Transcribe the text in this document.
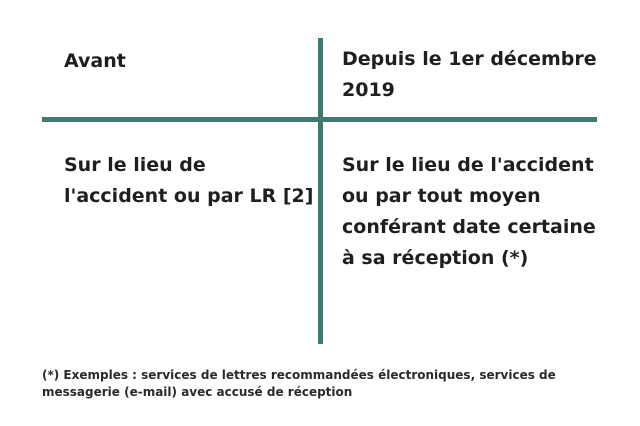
Avant	Depuis le 1er décembre 2019
Sur le lieu de l'accident ou par LR [2]
Sur le lieu de l'accident ou par tout moyen conférant date certaine à sa réception (*)
(*) Exemples : services de lettres recommandées électroniques, services de messagerie (e-mail) avec accusé de réception
